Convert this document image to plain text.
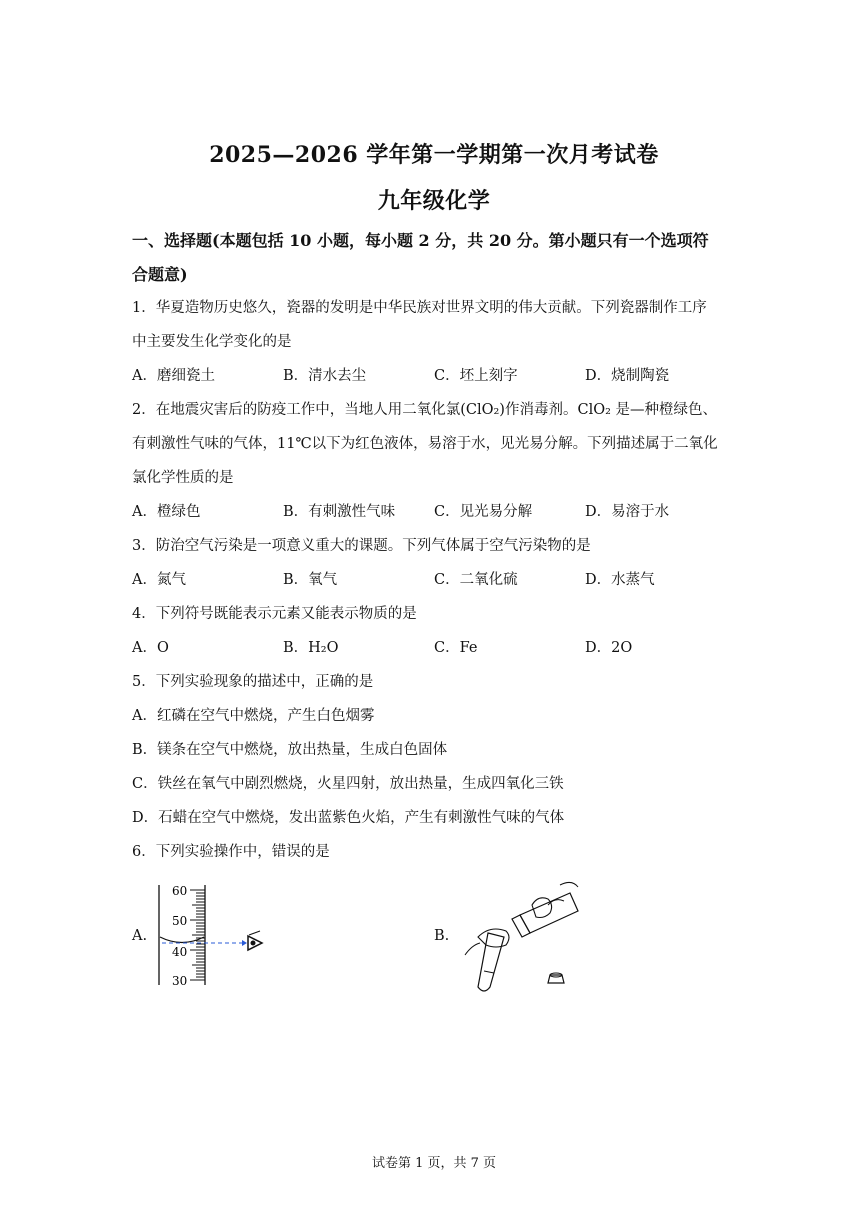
2025—2026 学年第一学期第一次月考试卷
九年级化学
一、选择题(本题包括 10 小题，每小题 2 分，共 20 分。第小题只有一个选项符
合题意)
1．华夏造物历史悠久，瓷器的发明是中华民族对世界文明的伟大贡献。下列瓷器制作工序
中主要发生化学变化的是
A．磨细瓷土	B．清水去尘	C．坯上刻字	D．烧制陶瓷
2．在地震灾害后的防疫工作中，当地人用二氧化氯(ClO₂)作消毒剂。ClO₂ 是—种橙绿色、
有刺激性气味的气体，11℃以下为红色液体，易溶于水，见光易分解。下列描述属于二氧化
氯化学性质的是
A．橙绿色	B．有刺激性气味	C．见光易分解	D．易溶于水
3．防治空气污染是一项意义重大的课题。下列气体属于空气污染物的是
A．氮气	B．氧气	C．二氧化硫	D．水蒸气
4．下列符号既能表示元素又能表示物质的是
A．O	B．H₂O	C．Fe	D．2O
5．下列实验现象的描述中，正确的是
A．红磷在空气中燃烧，产生白色烟雾
B．镁条在空气中燃烧，放出热量，生成白色固体
C．铁丝在氧气中剧烈燃烧，火星四射，放出热量，生成四氧化三铁
D．石蜡在空气中燃烧，发出蓝紫色火焰，产生有刺激性气味的气体
6．下列实验操作中，错误的是
A.
60
50
40
30
B.
试卷第 1 页，共 7 页
